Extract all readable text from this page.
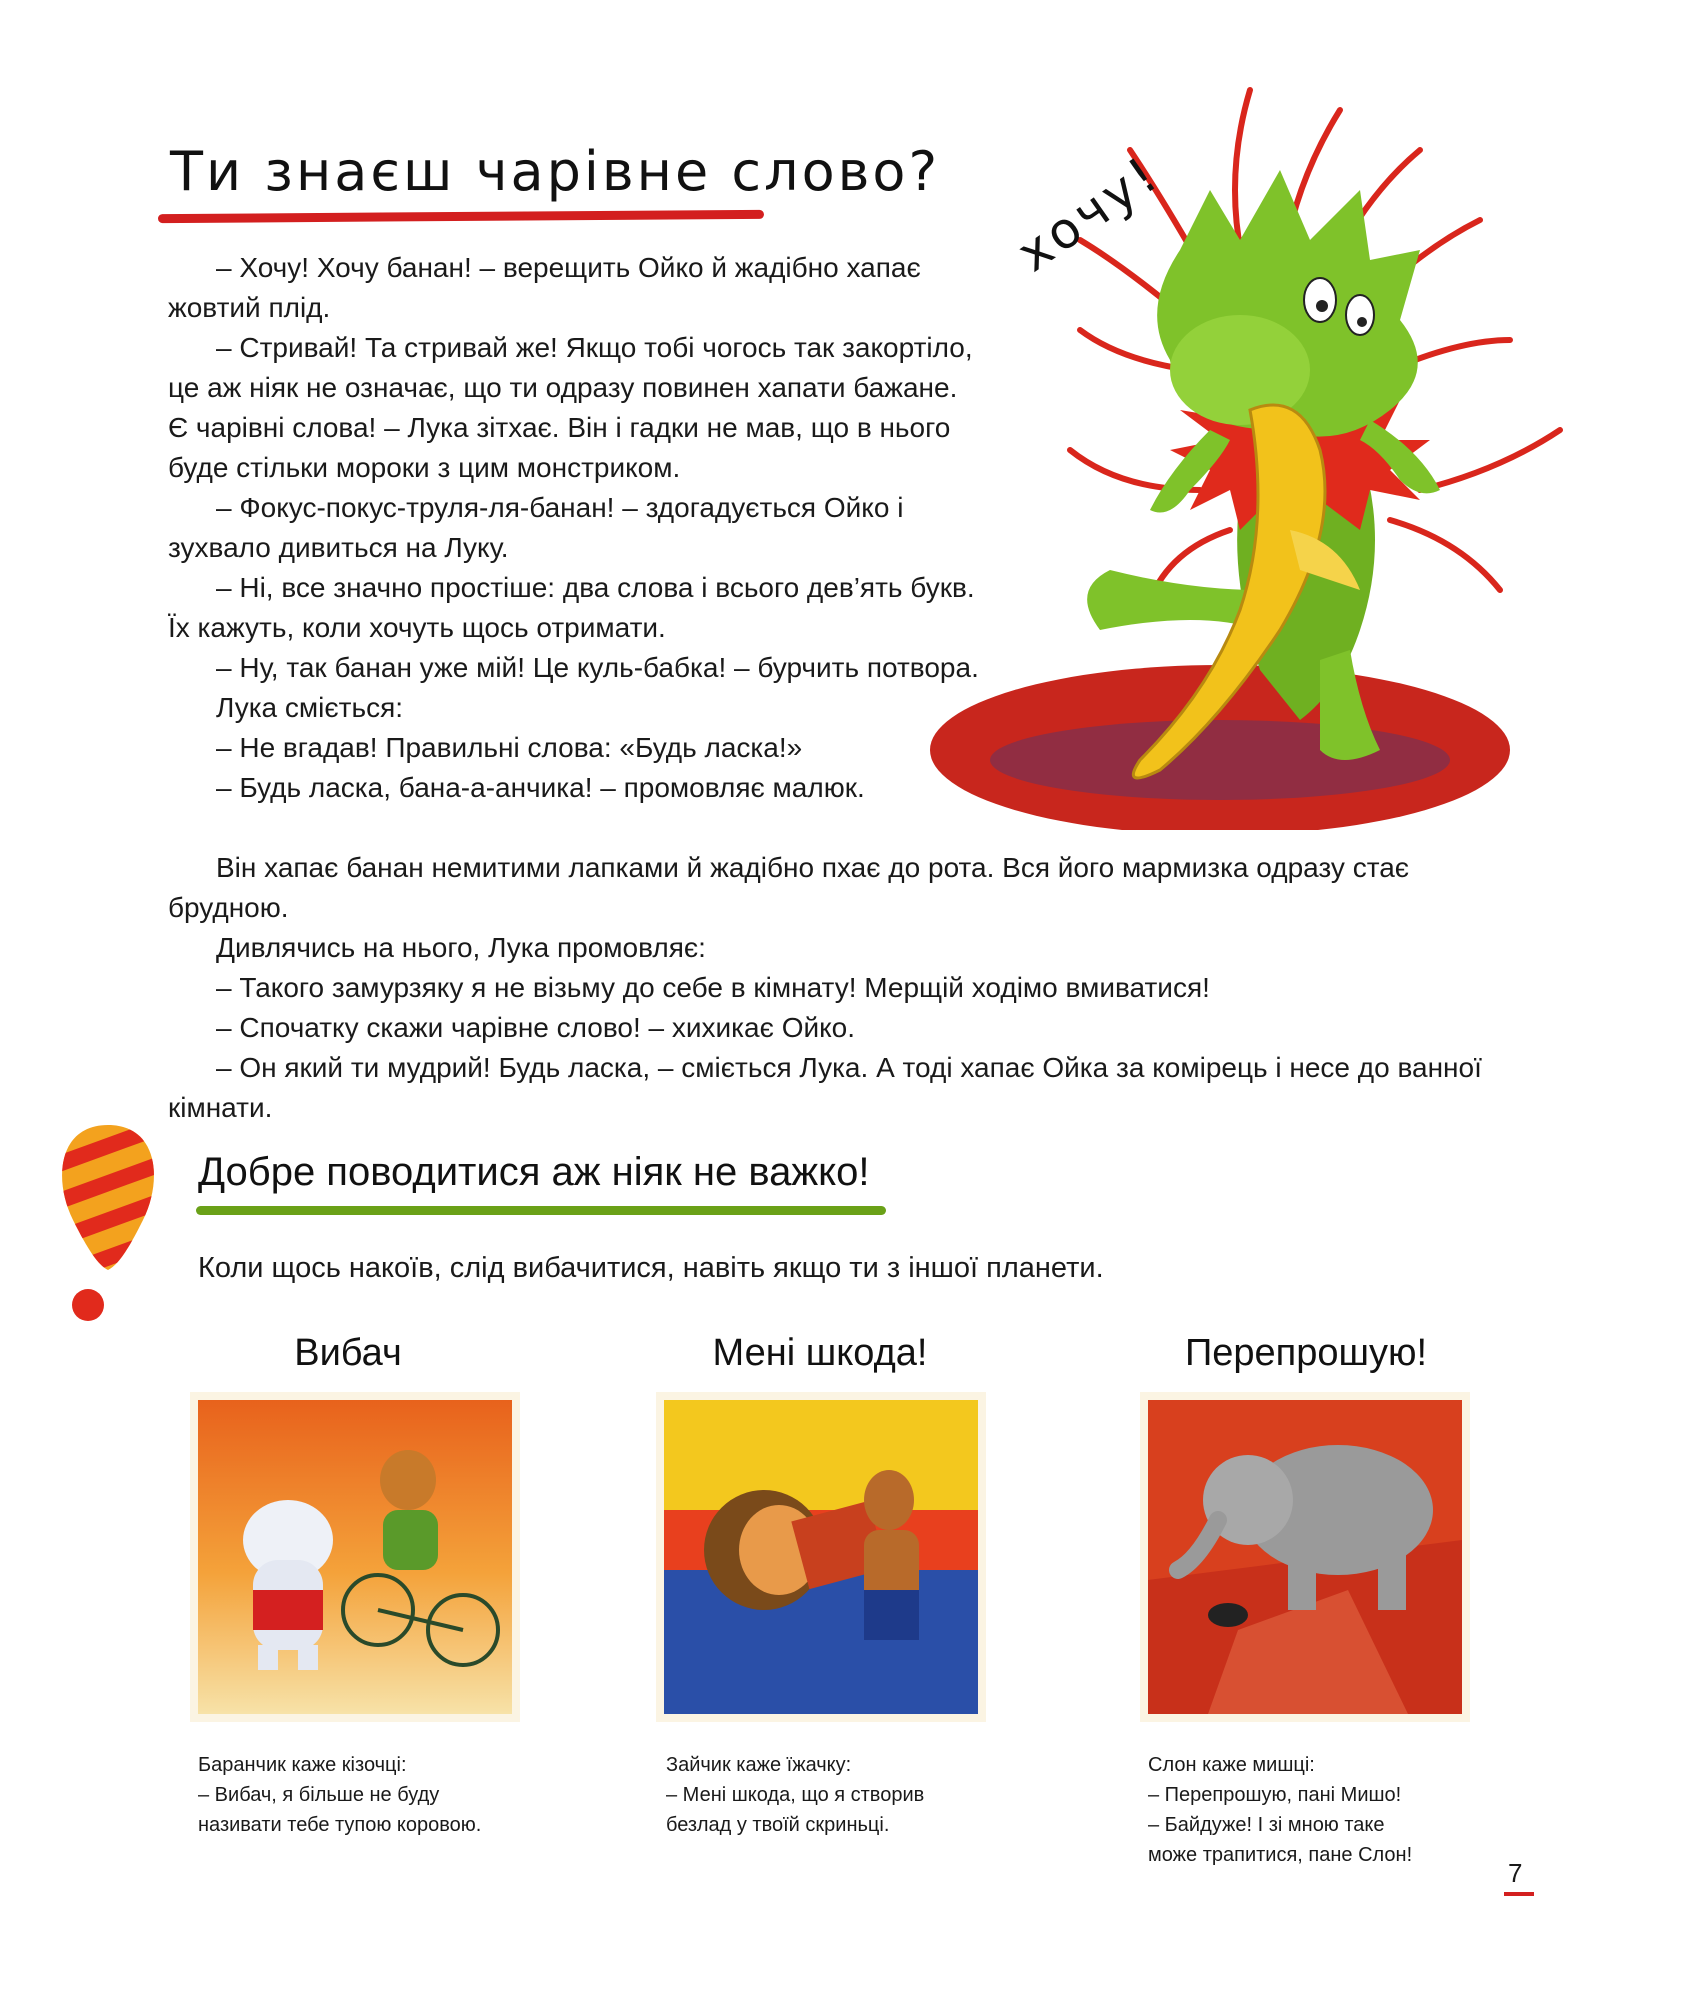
Ти знаєш чарівне слово? хочу!

– Хочу! Хочу банан! – верещить Ойко й жадібно хапає жовтий плід.

– Стривай! Та стривай же! Якщо тобі чогось так закортіло, це аж ніяк не означає, що ти одразу повинен хапати бажане. Є чарівні слова! – Лука зітхає. Він і гадки не мав, що в нього буде стільки мороки з цим монстриком.

– Фокус-покус-труля-ля-банан! – здогадується Ойко і зухвало дивиться на Луку.

– Ні, все значно простіше: два слова і всього дев’ять букв. Їх кажуть, коли хочуть щось отримати.

– Ну, так банан уже мій! Це куль-бабка! – бурчить потвора.

Лука сміється:

– Не вгадав! Правильні слова: «Будь ласка!»

– Будь ласка, бана-а-анчика! – промовляє малюк.

Він хапає банан немитими лапками й жадібно пхає до рота. Вся його мармизка одразу стає брудною.

Дивлячись на нього, Лука промовляє:

– Такого замурзяку я не візьму до себе в кімнату! Мерщій ходімо вмиватися!

– Спочатку скажи чарівне слово! – хихикає Ойко.

– Он який ти мудрий! Будь ласка, – сміється Лука. А тоді хапає Ойка за комірець і несе до ванної кімнати.

Добре поводитися аж ніяк не важко!

Коли щось накоїв, слід вибачитися, навіть якщо ти з іншої планети.

Вибач
Баранчик каже кізочці:
– Вибач, я більше не буду
називати тебе тупою коровою.
Мені шкода!
Зайчик каже їжачку:
– Мені шкода, що я створив
безлад у твоїй скриньці.
Перепрошую!
Слон каже мишці:
– Перепрошую, пані Мишо!
– Байдуже! І зі мною таке
може трапитися, пане Слон!
7
